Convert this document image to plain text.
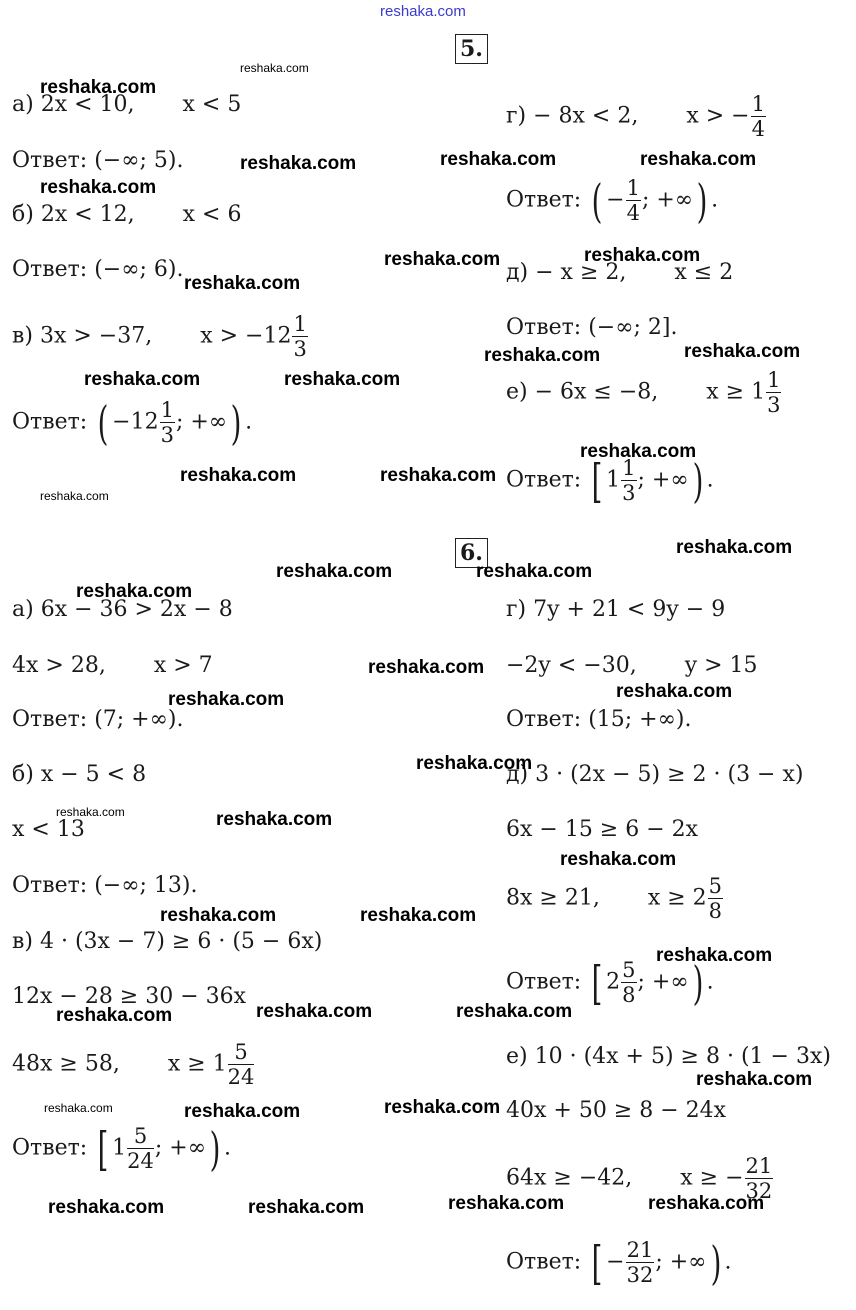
reshaka.com
5.
а) 2x < 10, x < 5
Ответ: (−∞; 5).
б) 2x < 12, x < 6
Ответ: (−∞; 6).
в) 3x > −37, $x > -12 \frac{1}{3}$
Ответ: ( $-12 \frac{1}{3}$ ; +∞) .
г) − 8x < 2, x > − $\frac{1}{4}$
Ответ: ( − $\frac{1}{4}$ ; +∞) .
д) − x ≥ 2, x ≤ 2
Ответ: (−∞; 2].
е) − 6x ≤ −8, $x \ge 1 \frac{1}{3}$
Ответ: [ $1 \frac{1}{3}$ ; +∞) .
6.
а) 6x − 36 > 2x − 8
4x > 28, x > 7
Ответ: (7; +∞).
б) x − 5 < 8
x < 13
Ответ: (−∞; 13).
в) 4 · (3x − 7) ≥ 6 · (5 − 6x)
12x − 28 ≥ 30 − 36x
48x ≥ 58, $x \ge 1 \frac{5}{24}$
Ответ: [ $1 \frac{5}{24}$ ; +∞) .
г) 7y + 21 < 9y − 9
−2y < −30, y > 15
Ответ: (15; +∞).
д) 3 · (2x − 5) ≥ 2 · (3 − x)
6x − 15 ≥ 6 − 2x
8x ≥ 21, $x \ge 2 \frac{5}{8}$
Ответ: [ $2 \frac{5}{8}$ ; +∞) .
е) 10 · (4x + 5) ≥ 8 · (1 − 3x)
40x + 50 ≥ 8 − 24x
64x ≥ −42, x ≥ − $\frac{21}{32}$
Ответ: [ − $\frac{21}{32}$ ; +∞) .
reshaka.com
reshaka.com
reshaka.com	reshaka.com	reshaka.com
reshaka.com
reshaka.com	reshaka.com
reshaka.com
reshaka.com	reshaka.com
reshaka.com	reshaka.com
reshaka.com
reshaka.com	reshaka.com
reshaka.com
reshaka.com
reshaka.com	reshaka.com
reshaka.com
reshaka.com
reshaka.com
reshaka.com
reshaka.com
reshaka.com	reshaka.com
reshaka.com
reshaka.com	reshaka.com
reshaka.com
reshaka.com	reshaka.com
reshaka.com
reshaka.com
reshaka.com	reshaka.com	reshaka.com
reshaka.com	reshaka.com
reshaka.com	reshaka.com
